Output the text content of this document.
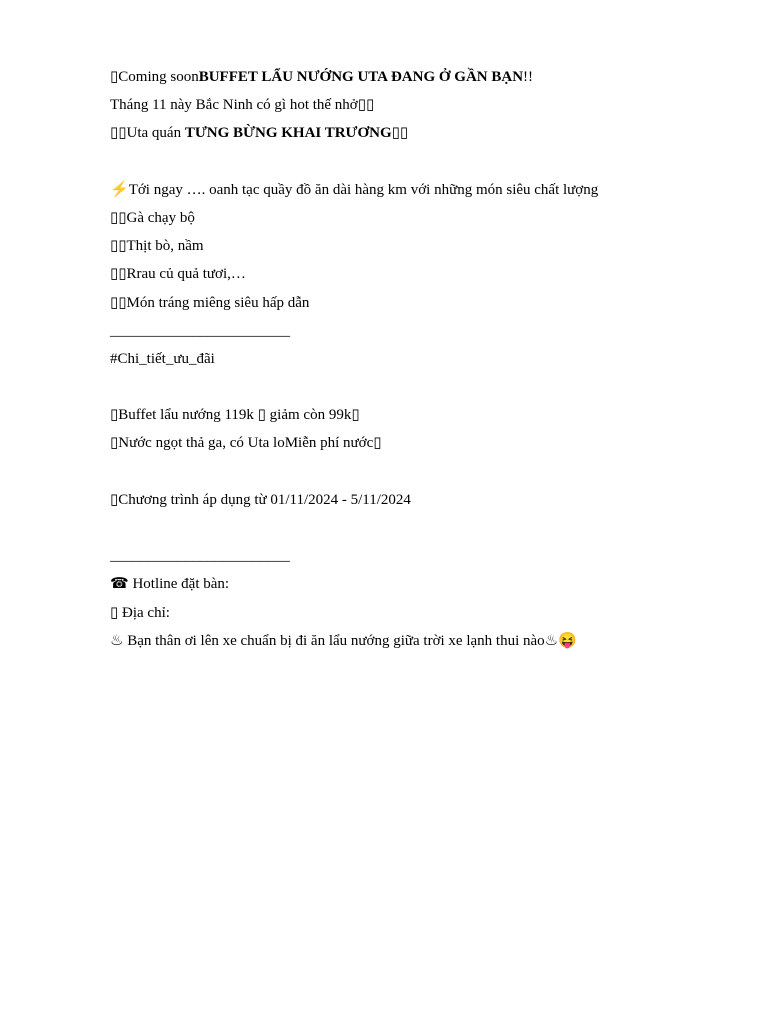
▯Coming soonBUFFET LẨU NƯỚNG UTA ĐANG Ở GẦN BẠN!!
Tháng 11 này Bắc Ninh có gì hot thế nhở▯▯
▯▯Uta quán TƯNG BỪNG KHAI TRƯƠNG▯▯
⚡Tới ngay …. oanh tạc quầy đồ ăn dài hàng km với những món siêu chất lượng
▯▯Gà chạy bộ
▯▯Thịt bò, nầm
▯▯Rrau củ quả tươi,…
▯▯Món tráng miêng siêu hấp dẫn
________________________
#Chi_tiết_ưu_đãi
▯Buffet lẩu nướng 119k ▯ giảm còn 99k▯
▯Nước ngọt thả ga, có Uta loMiễn phí nước▯
▯Chương trình áp dụng từ 01/11/2024 - 5/11/2024
________________________
☎ Hotline đặt bàn:
▯ Địa chỉ:
♨ Bạn thân ơi lên xe chuẩn bị đi ăn lẩu nướng giữa trời xe lạnh thui nào♨😝
